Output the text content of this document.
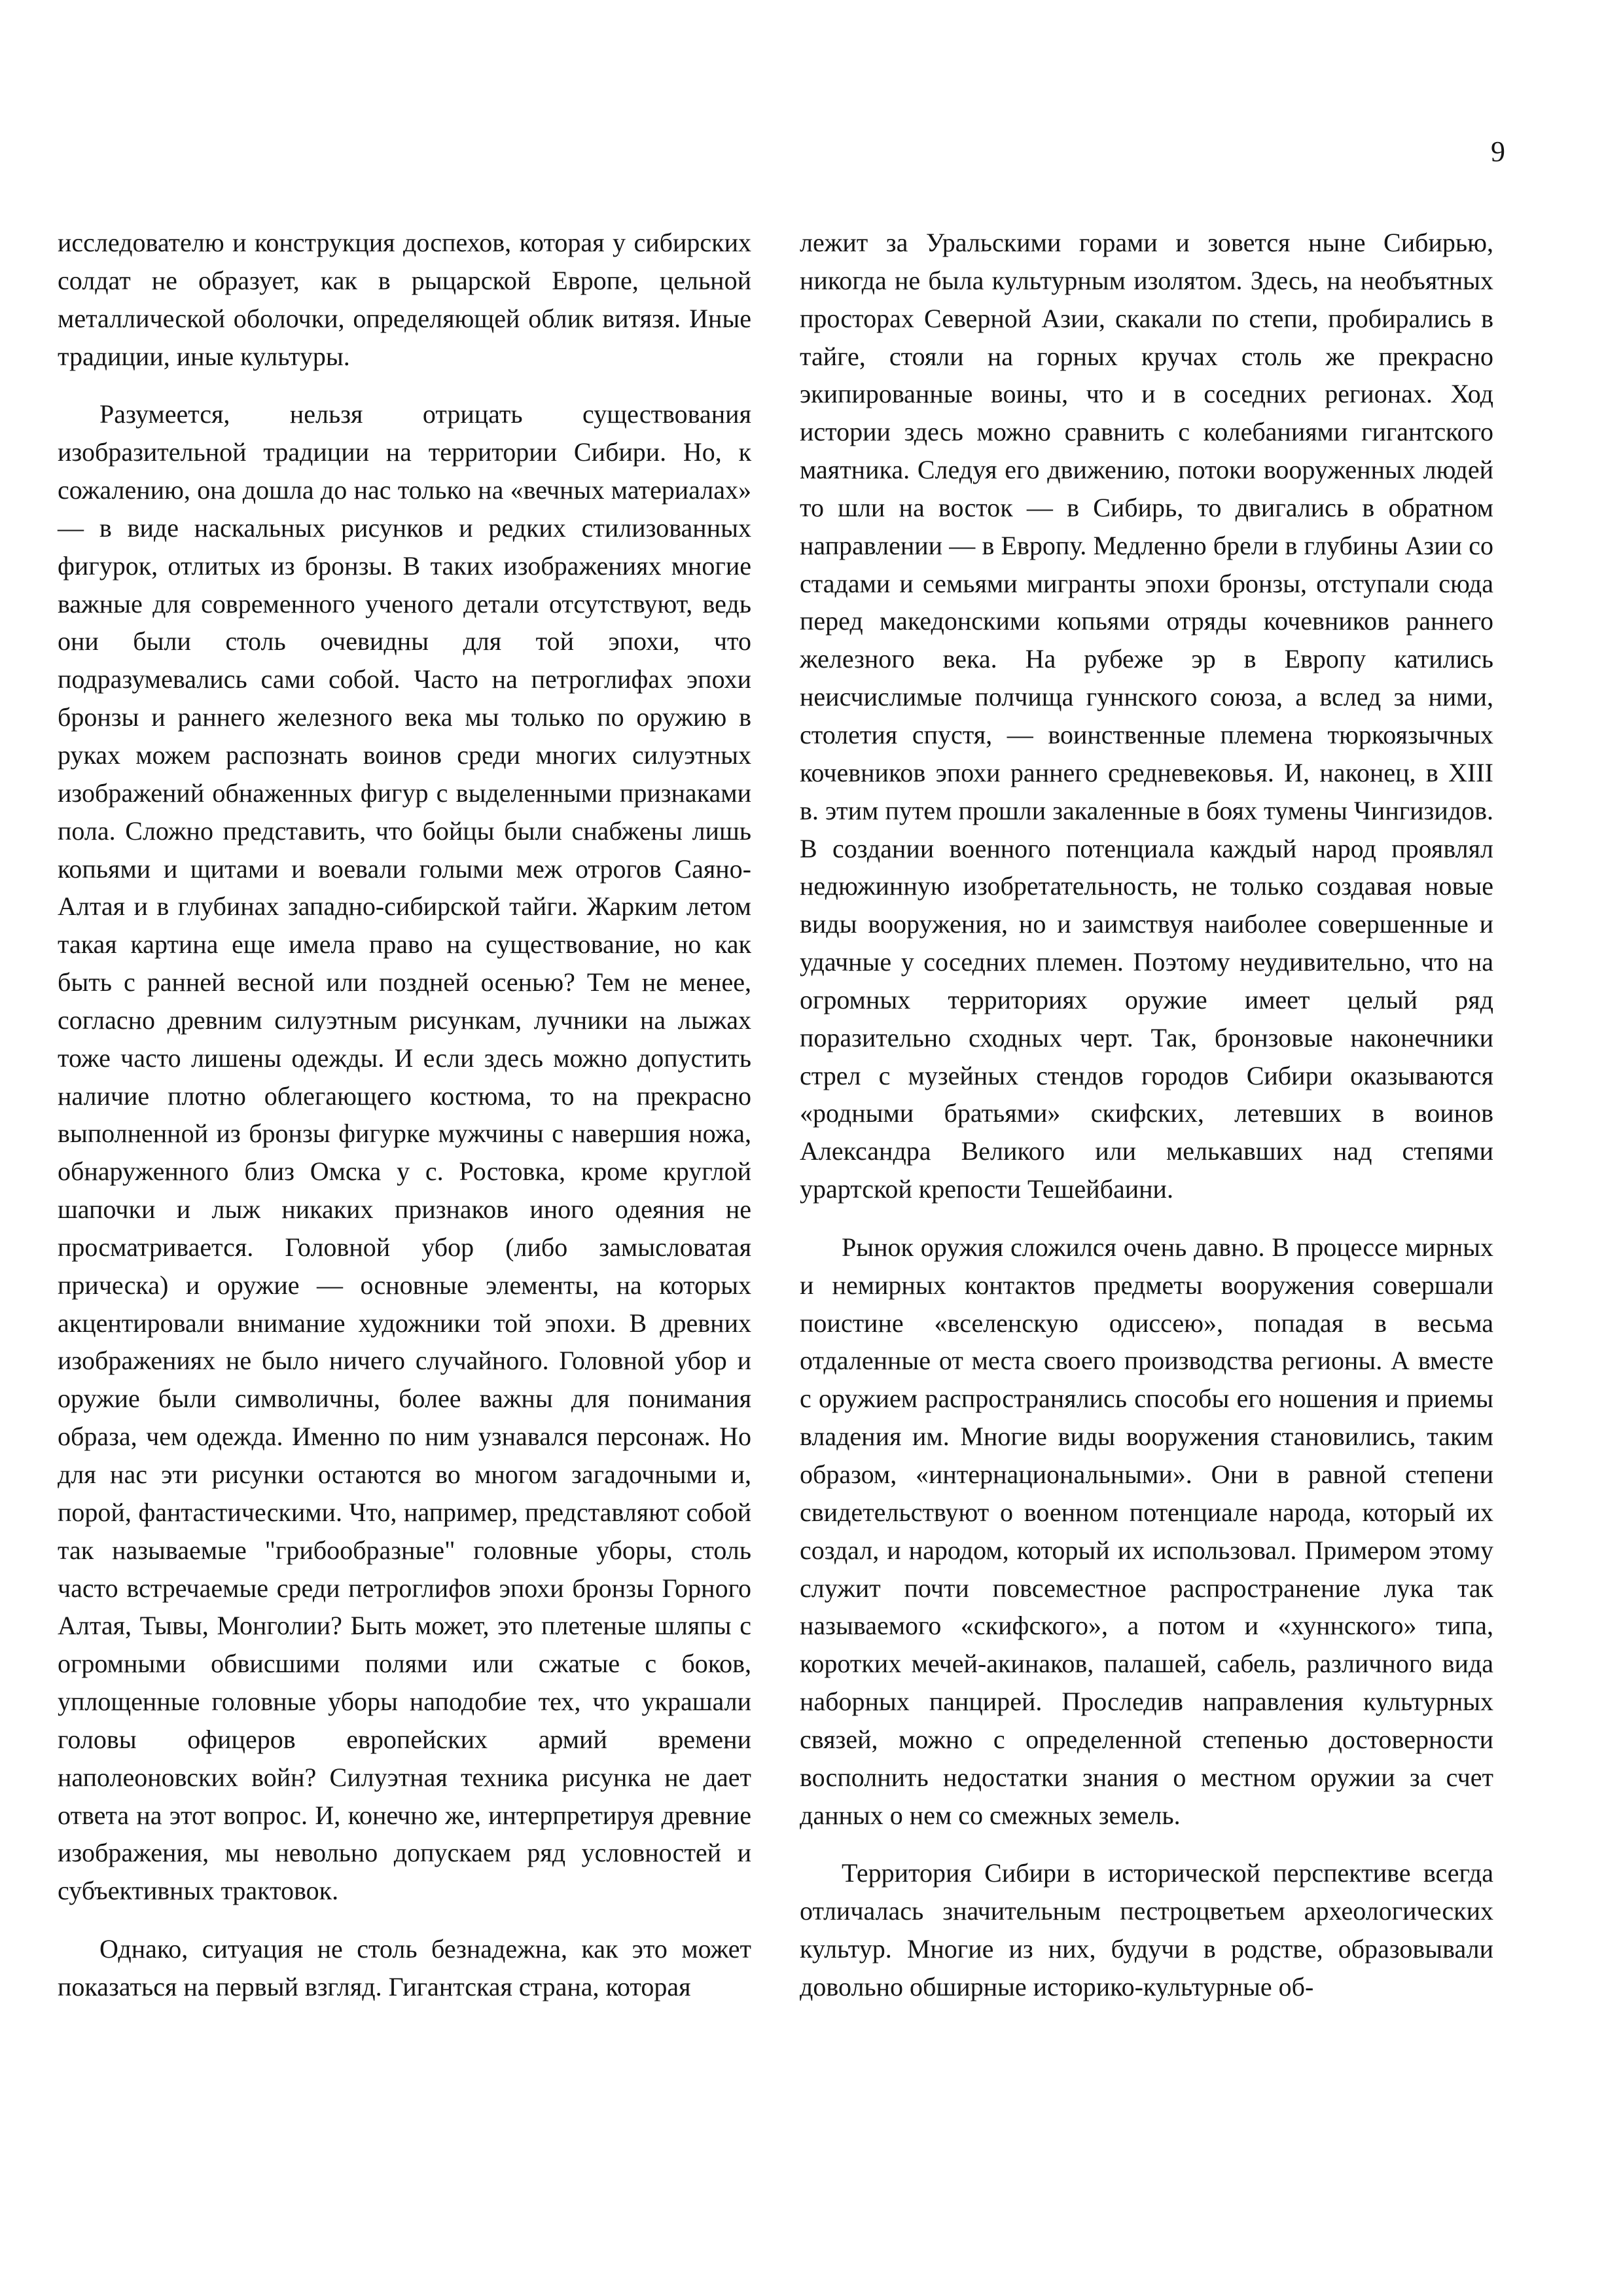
9

исследователю и конструкция доспехов, которая у сибирских солдат не образует, как в рыцарской Европе, цельной металлической оболочки, определяющей облик витязя. Иные традиции, иные культуры.

Разумеется, нельзя отрицать существования изобразительной традиции на территории Сибири. Но, к сожалению, она дошла до нас только на «вечных материалах» — в виде наскальных рисунков и редких стилизованных фигурок, отлитых из бронзы. В таких изображениях многие важные для современного ученого детали отсутствуют, ведь они были столь очевидны для той эпохи, что подразумевались сами собой. Часто на петроглифах эпохи бронзы и раннего железного века мы только по оружию в руках можем распознать воинов среди многих силуэтных изображений обнаженных фигур с выделенными признаками пола. Сложно представить, что бойцы были снабжены лишь копьями и щитами и воевали голыми меж отрогов Саяно-Алтая и в глубинах западно-сибирской тайги. Жарким летом такая картина еще имела право на существование, но как быть с ранней весной или поздней осенью? Тем не менее, согласно древним силуэтным рисункам, лучники на лыжах тоже часто лишены одежды. И если здесь можно допустить наличие плотно облегающего костюма, то на прекрасно выполненной из бронзы фигурке мужчины с навершия ножа, обнаруженного близ Омска у с. Ростовка, кроме круглой шапочки и лыж никаких признаков иного одеяния не просматривается. Головной убор (либо замысловатая прическа) и оружие — основные элементы, на которых акцентировали внимание художники той эпохи. В древних изображениях не было ничего случайного. Головной убор и оружие были символичны, более важны для понимания образа, чем одежда. Именно по ним узнавался персонаж. Но для нас эти рисунки остаются во многом загадочными и, порой, фантастическими. Что, например, представляют собой так называемые "грибообразные" головные уборы, столь часто встречаемые среди петроглифов эпохи бронзы Горного Алтая, Тывы, Монголии? Быть может, это плетеные шляпы с огромными обвисшими полями или сжатые с боков, уплощенные головные уборы наподобие тех, что украшали головы офицеров европейских армий времени наполеоновских войн? Силуэтная техника рисунка не дает ответа на этот вопрос. И, конечно же, интерпретируя древние изображения, мы невольно допускаем ряд условностей и субъективных трактовок.

Однако, ситуация не столь безнадежна, как это может показаться на первый взгляд. Гигантская страна, которая

лежит за Уральскими горами и зовется ныне Сибирью, никогда не была культурным изолятом. Здесь, на необъятных просторах Северной Азии, скакали по степи, пробирались в тайге, стояли на горных кручах столь же прекрасно экипированные воины, что и в соседних регионах. Ход истории здесь можно сравнить с колебаниями гигантского маятника. Следуя его движению, потоки вооруженных людей то шли на восток — в Сибирь, то двигались в обратном направлении — в Европу. Медленно брели в глубины Азии со стадами и семьями мигранты эпохи бронзы, отступали сюда перед македонскими копьями отряды кочевников раннего железного века. На рубеже эр в Европу катились неисчислимые полчища гуннского союза, а вслед за ними, столетия спустя, — воинственные племена тюркоязычных кочевников эпохи раннего средневековья. И, наконец, в XIII в. этим путем прошли закаленные в боях тумены Чингизидов. В создании военного потенциала каждый народ проявлял недюжинную изобретательность, не только создавая новые виды вооружения, но и заимствуя наиболее совершенные и удачные у соседних племен. Поэтому неудивительно, что на огромных территориях оружие имеет целый ряд поразительно сходных черт. Так, бронзовые наконечники стрел с музейных стендов городов Сибири оказываются «родными братьями» скифских, летевших в воинов Александра Великого или мелькавших над степями урартской крепости Тешейбаини.

Рынок оружия сложился очень давно. В процессе мирных и немирных контактов предметы вооружения совершали поистине «вселенскую одиссею», попадая в весьма отдаленные от места своего производства регионы. А вместе с оружием распространялись способы его ношения и приемы владения им. Многие виды вооружения становились, таким образом, «интернациональными». Они в равной степени свидетельствуют о военном потенциале народа, который их создал, и народом, который их использовал. Примером этому служит почти повсеместное распространение лука так называемого «скифского», а потом и «хуннского» типа, коротких мечей-акинаков, палашей, сабель, различного вида наборных панцирей. Проследив направления культурных связей, можно с определенной степенью достоверности восполнить недостатки знания о местном оружии за счет данных о нем со смежных земель.

Территория Сибири в исторической перспективе всегда отличалась значительным пестроцветьем археологических культур. Многие из них, будучи в родстве, образовывали довольно обширные историко-культурные об-
